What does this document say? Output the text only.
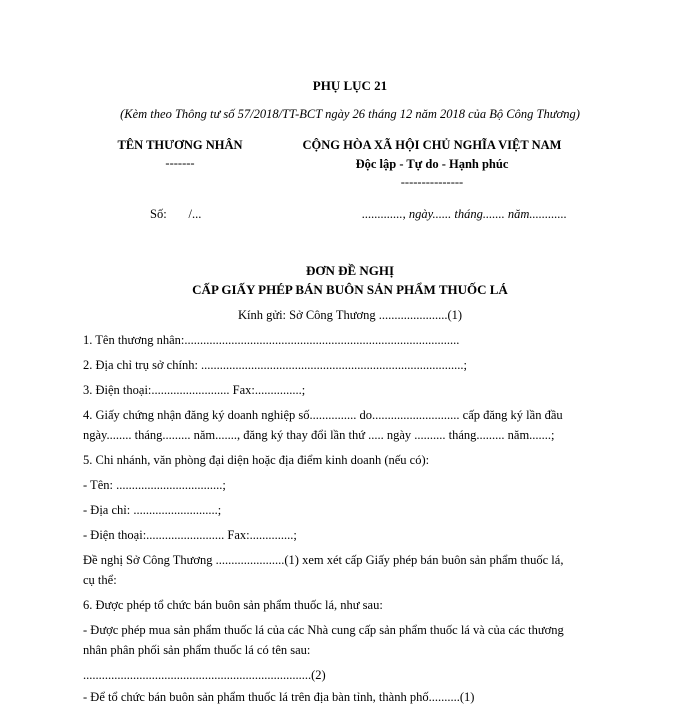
PHỤ LỤC 21
(Kèm theo Thông tư số 57/2018/TT-BCT ngày 26 tháng 12 năm 2018 của Bộ Công Thương)
TÊN THƯƠNG NHÂN
-------
CỘNG HÒA XÃ HỘI CHỦ NGHĨA VIỆT NAM
Độc lập - Tự do - Hạnh phúc
---------------
Số:       /...	............., ngày...... tháng....... năm............
ĐƠN ĐỀ NGHỊ
CẤP GIẤY PHÉP BÁN BUÔN SẢN PHẨM THUỐC LÁ
Kính gửi: Sở Công Thương ......................(1)
1. Tên thương nhân:........................................................................................
2. Địa chỉ trụ sở chính: ....................................................................................;
3. Điện thoại:......................... Fax:...............;
4. Giấy chứng nhận đăng ký doanh nghiệp số............... do............................ cấp đăng ký lần đầu
ngày........ tháng......... năm......., đăng ký thay đổi lần thứ ..... ngày .......... tháng......... năm.......;
5. Chi nhánh, văn phòng đại diện hoặc địa điểm kinh doanh (nếu có):
- Tên: ..................................;
- Địa chỉ: ...........................;
- Điện thoại:......................... Fax:..............;
Đề nghị Sở Công Thương ......................(1) xem xét cấp Giấy phép bán buôn sản phẩm thuốc lá,
cụ thể:
6. Được phép tổ chức bán buôn sản phẩm thuốc lá, như sau:
- Được phép mua sản phẩm thuốc lá của các Nhà cung cấp sản phẩm thuốc lá và của các thương
nhân phân phối sản phẩm thuốc lá có tên sau:
.........................................................................(2)
- Để tổ chức bán buôn sản phẩm thuốc lá trên địa bàn tỉnh, thành phố..........(1)
